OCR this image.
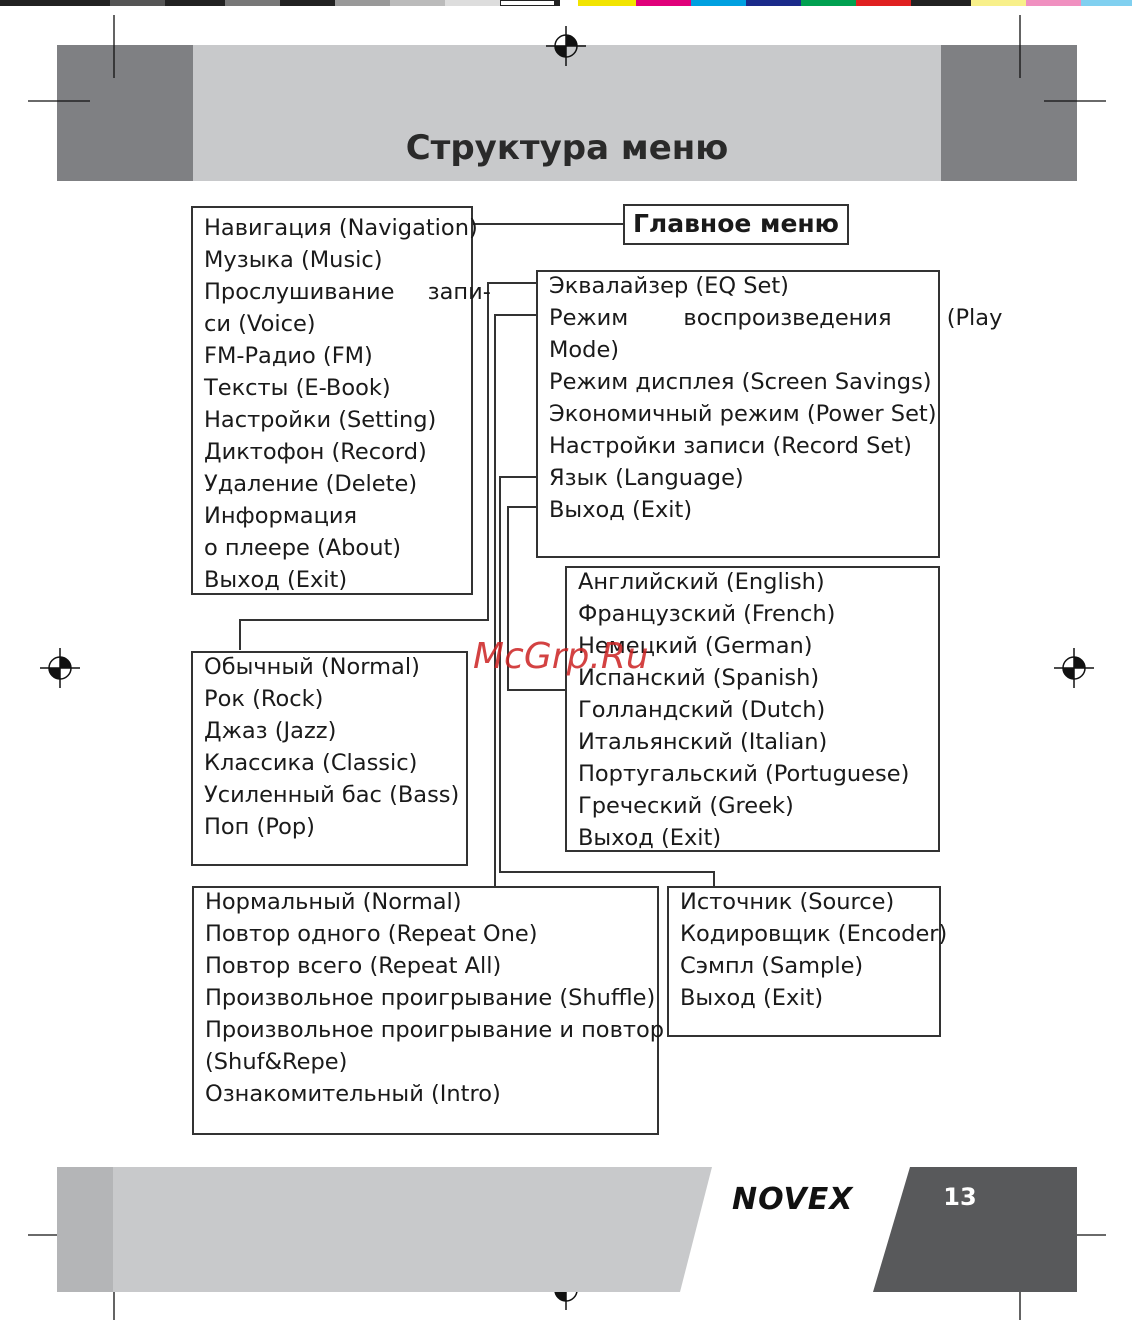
Структура меню
Главное меню
Навигация (Navigation)
Музыка (Music)
Прослушивание запи-
си (Voice)
FM-Радио (FM)
Тексты (E-Book)
Настройки (Setting)
Диктофон (Record)
Удаление (Delete)
Информация
о плеере (About)
Выход (Exit)
Эквалайзер (EQ Set)
Режим воспроизведения (Play
Mode)
Режим дисплея (Screen Savings)
Экономичный режим (Power Set)
Настройки записи (Record Set)
Язык (Language)
Выход (Exit)
Английский (English)
Французский (French)
Немецкий (German)
Испанский (Spanish)
Голландский (Dutch)
Итальянский (Italian)
Португальский (Portuguese)
Греческий (Greek)
Выход (Exit)
Обычный (Normal)
Рок (Rock)
Джаз (Jazz)
Классика (Classic)
Усиленный бас (Bass)
Поп (Pop)
Нормальный (Normal)
Повтор одного (Repeat One)
Повтор всего (Repeat All)
Произвольное проигрывание (Shuffle)
Произвольное проигрывание и повтор
(Shuf&Repe)
Ознакомительный (Intro)
Источник (Source)
Кодировщик (Encoder)
Сэмпл (Sample)
Выход (Exit)
McGrp.Ru
NOVEX	13
